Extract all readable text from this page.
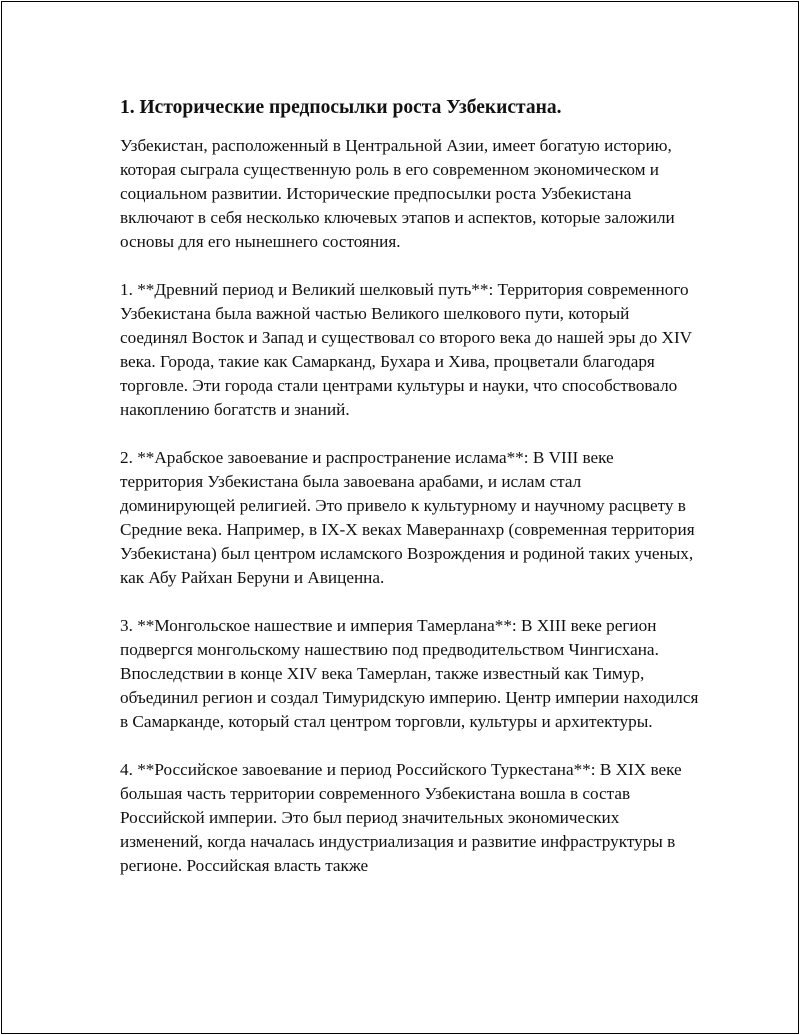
1. Исторические предпосылки роста Узбекистана.
Узбекистан, расположенный в Центральной Азии, имеет богатую историю, которая сыграла существенную роль в его современном экономическом и социальном развитии. Исторические предпосылки роста Узбекистана включают в себя несколько ключевых этапов и аспектов, которые заложили основы для его нынешнего состояния.
1. **Древний период и Великий шелковый путь**: Территория современного Узбекистана была важной частью Великого шелкового пути, который соединял Восток и Запад и существовал со второго века до нашей эры до XIV века. Города, такие как Самарканд, Бухара и Хива, процветали благодаря торговле. Эти города стали центрами культуры и науки, что способствовало накоплению богатств и знаний.
2. **Арабское завоевание и распространение ислама**: В VIII веке территория Узбекистана была завоевана арабами, и ислам стал доминирующей религией. Это привело к культурному и научному расцвету в Средние века. Например, в IX-X веках Мавераннахр (современная территория Узбекистана) был центром исламского Возрождения и родиной таких ученых, как Абу Райхан Беруни и Авиценна.
3. **Монгольское нашествие и империя Тамерлана**: В XIII веке регион подвергся монгольскому нашествию под предводительством Чингисхана. Впоследствии в конце XIV века Тамерлан, также известный как Тимур, объединил регион и создал Тимуридскую империю. Центр империи находился в Самарканде, который стал центром торговли, культуры и архитектуры.
4. **Российское завоевание и период Российского Туркестана**: В XIX веке большая часть территории современного Узбекистана вошла в состав Российской империи. Это был период значительных экономических изменений, когда началась индустриализация и развитие инфраструктуры в регионе. Российская власть также
